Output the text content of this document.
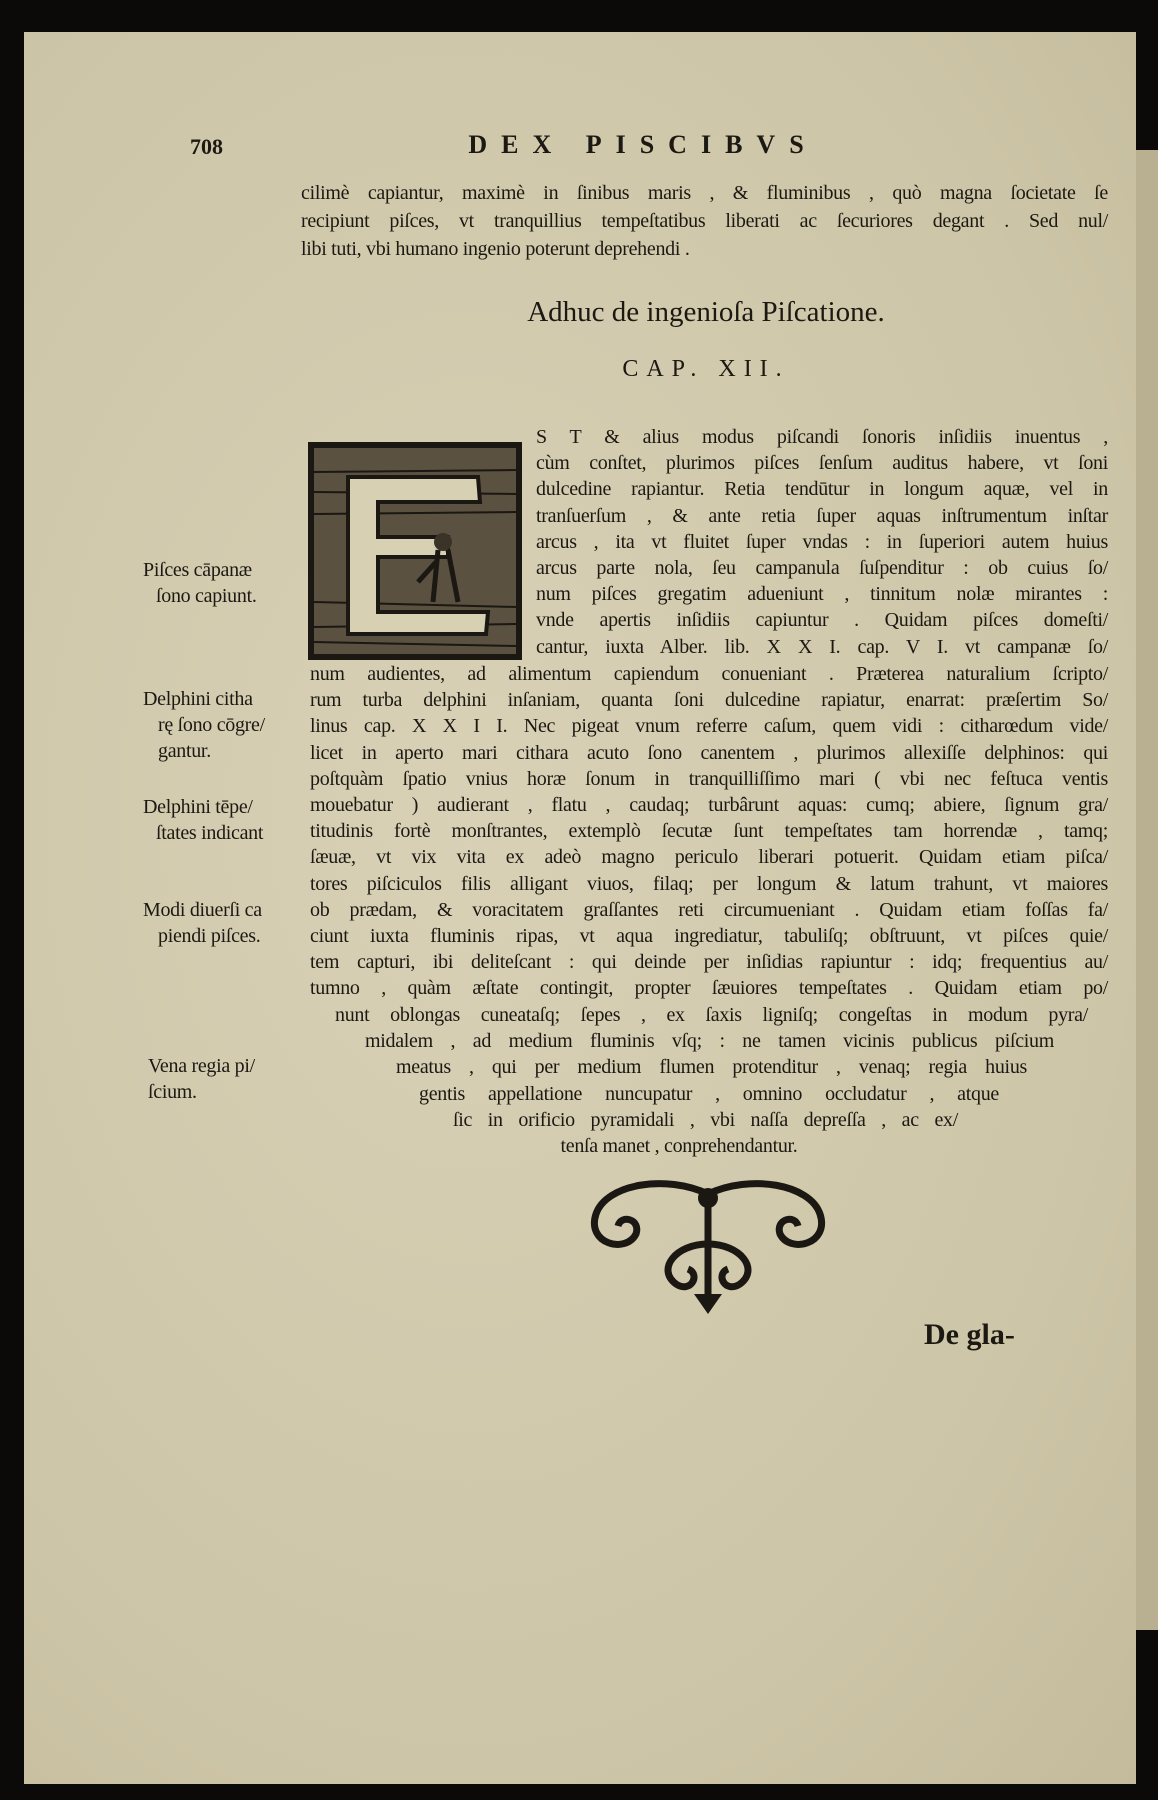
708	DEX PISCIBVS
cilimè capiantur, maximè in ſinibus maris , & fluminibus , quò magna ſocietate ſe
recipiunt piſces, vt tranquillius tempeſtatibus liberati ac ſecuriores degant . Sed nul/
libi tuti, vbi humano ingenio poterunt deprehendi .
Adhuc de ingenioſa Piſcatione.
CAP. XII.
S T & alius modus piſcandi ſonoris inſidiis inuentus ,
cùm conſtet, plurimos piſces ſenſum auditus habere, vt ſoni
dulcedine rapiantur. Retia tendūtur in longum aquæ, vel in
tranſuerſum , & ante retia ſuper aquas inſtrumentum inſtar
arcus , ita vt fluitet ſuper vndas : in ſuperiori autem huius
arcus parte nola, ſeu campanula ſuſpenditur : ob cuius ſo/
num piſces gregatim adueniunt , tinnitum nolæ mirantes :
vnde apertis inſidiis capiuntur . Quidam piſces domeſti/
cantur, iuxta Alber. lib. X X I. cap. V I. vt campanæ ſo/
num audientes, ad alimentum capiendum conueniant . Præterea naturalium ſcripto/
rum turba delphini inſaniam, quanta ſoni dulcedine rapiatur, enarrat: præſertim So/
linus cap. X X I I. Nec pigeat vnum referre caſum, quem vidi : citharœdum vide/
licet in aperto mari cithara acuto ſono canentem , plurimos allexiſſe delphinos: qui
poſtquàm ſpatio vnius horæ ſonum in tranquilliſſimo mari ( vbi nec feſtuca ventis
mouebatur ) audierant , flatu , caudaq; turbârunt aquas: cumq; abiere, ſignum gra/
titudinis fortè monſtrantes, extemplò ſecutæ ſunt tempeſtates tam horrendæ , tamq;
ſæuæ, vt vix vita ex adeò magno periculo liberari potuerit. Quidam etiam piſca/
tores piſciculos filis alligant viuos, filaq; per longum & latum trahunt, vt maiores
ob prædam, & voracitatem graſſantes reti circumueniant . Quidam etiam foſſas fa/
ciunt iuxta fluminis ripas, vt aqua ingrediatur, tabuliſq; obſtruunt, vt piſces quie/
tem capturi, ibi deliteſcant : qui deinde per inſidias rapiuntur : idq; frequentius au/
tumno , quàm æſtate contingit, propter ſæuiores tempeſtates . Quidam etiam po/
nunt oblongas cuneataſq; ſepes , ex ſaxis ligniſq; congeſtas in modum pyra/
midalem , ad medium fluminis vſq; : ne tamen vicinis publicus piſcium
meatus , qui per medium flumen protenditur , venaq; regia huius
gentis appellatione nuncupatur , omnino occludatur , atque
ſic in orificio pyramidali , vbi naſſa depreſſa , ac ex/
tenſa manet , conprehendantur.
Piſces cāpanæ
ſono capiunt.
Delphini citha
rę ſono cōgre/
gantur.
Delphini tēpe/
ſtates indicant
Modi diuerſi ca
piendi piſces.
Vena regia pi/
ſcium.
De gla-
